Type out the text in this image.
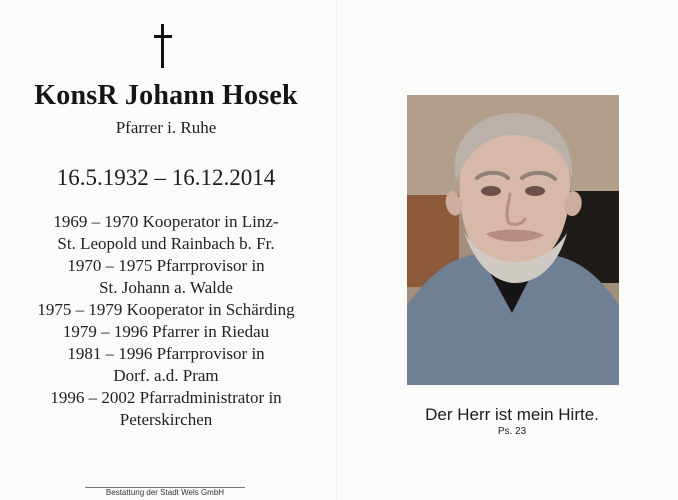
KonsR Johann Hosek
Pfarrer i. Ruhe
16.5.1932 – 16.12.2014
1969 – 1970 Kooperator in Linz-
St. Leopold und Rainbach b. Fr.
1970 – 1975 Pfarrprovisor in
St. Johann a. Walde
1975 – 1979 Kooperator in Schärding
1979 – 1996 Pfarrer in Riedau
1981 – 1996 Pfarrprovisor in
Dorf. a.d. Pram
1996 – 2002 Pfarradministrator in
Peterskirchen	Der Herr ist mein Hirte.
Ps. 23
Bestattung der Stadt Wels GmbH
